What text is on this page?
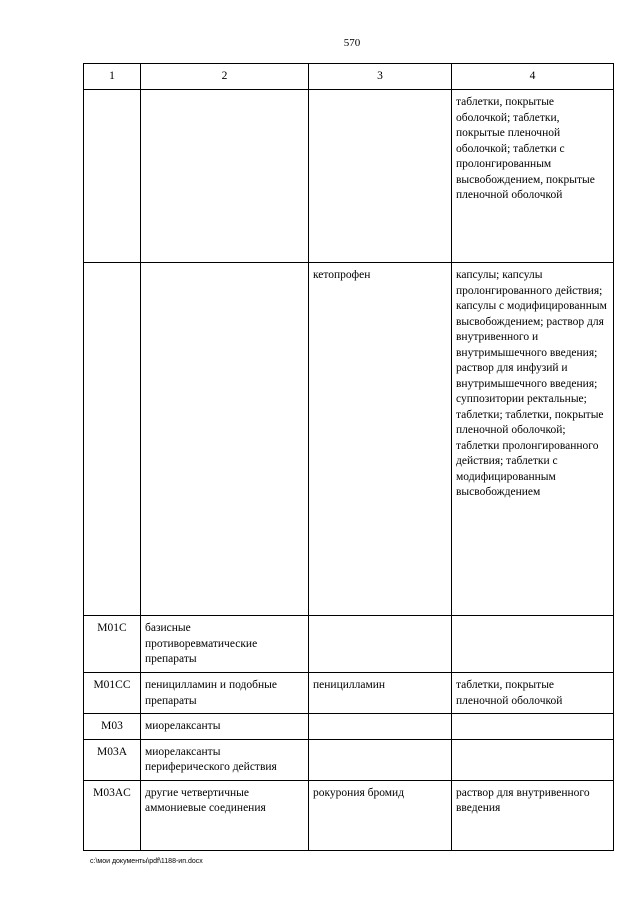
570
1	2	3	4
			таблетки, покрытые оболочкой; таблетки, покрытые пленочной оболочкой; таблетки с пролонгированным высвобождением, покрытые пленочной оболочкой
		кетопрофен	капсулы; капсулы пролонгированного действия; капсулы с модифицированным высвобождением; раствор для внутривенного и внутримышечного введения; раствор для инфузий и внутримышечного введения; суппозитории ректальные; таблетки; таблетки, покрытые пленочной оболочкой; таблетки пролонгированного действия; таблетки с модифицированным высвобождением
M01C	базисные противоревматические препараты		
M01CC	пеницилламин и подобные препараты	пеницилламин	таблетки, покрытые пленочной оболочкой
M03	миорелаксанты		
M03A	миорелаксанты периферического действия		
M03AC	другие четвертичные аммониевые соединения	рокурония бромид	раствор для внутривенного введения
c:\мои документы\pdf\1188-ип.docx
